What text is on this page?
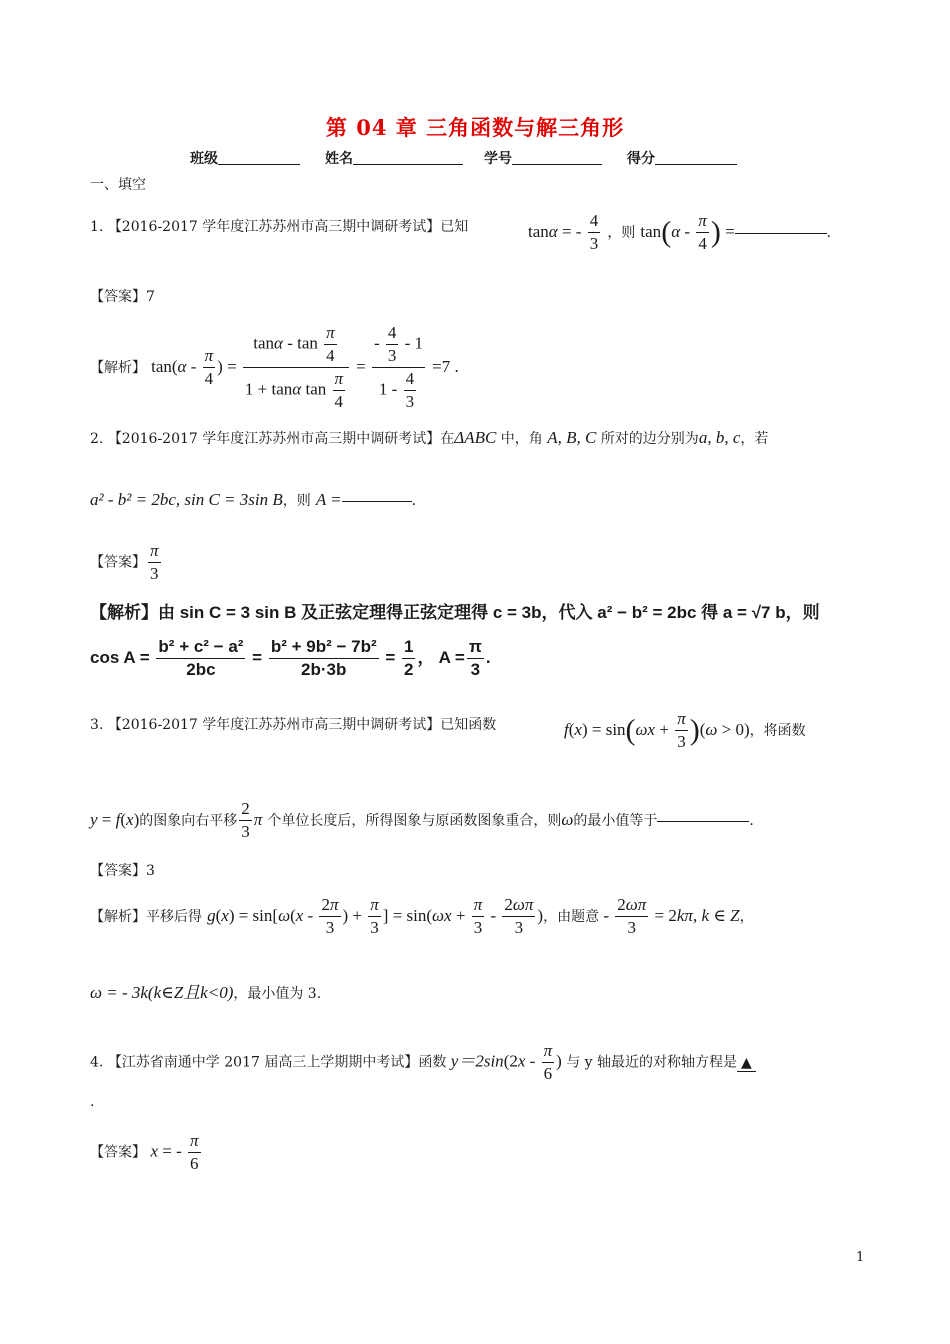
第 04 章 三角函数与解三角形
班级	姓名	学号	得分
一、填空
1. 【2016-2017 学年度江苏苏州市高三期中调研考试】已知	tanα = - $\frac{4}{3}$ ，则 $\tan(\alpha - \frac{\pi}{4}$ ) =	.
【答案】7
【解析】 $\tan(\alpha - \frac{\pi}{4}$ ) = $\frac{\tan\alpha - \tan \frac{\pi}{4}}{1 + \tan\alpha \tan \frac{\pi}{4}} = \frac{- \frac{4}{3} - 1}{1 - \frac{4}{3}} =7$ .
2. 【2016-2017 学年度江苏苏州市高三期中调研考试】在ΔABC 中，角 A, B, C 所对的边分别为a, b, c，若
a² - b² = 2bc, sin C = 3sin B，则 A =	.
【答案】 $\frac{\pi}{3}$
【解析】由 sin C = 3 sin B 及正弦定理得正弦定理得 c = 3b，代入 a² − b² = 2bc 得 a = √7 b，则
$\cos A = \frac{\text{b² + c² − a²}}{2bc} = \frac{\text{b² + 9b² − 7b²}}{2b\cdot 3b} = \frac{1}{2}$ ， $A = \frac{\pi}{3}$ .
3. 【2016-2017 学年度江苏苏州市高三期中调研考试】已知函数	$f(x) = \sin(\omega x + \frac{\pi}{3} )(\omega > 0)$，将函数
y = f(x)的图象向右平移 $\frac{2}{3}$ π 个单位长度后，所得图象与原函数图象重合，则ω的最小值等于	.
【答案】3
【解析】平移后得 $g(x) = \sin[\omega(x - \frac{2\pi}{3}$ ) + $\frac{\pi}{3}$ ] = $\sin(\omega x + \frac{\pi}{3} - \frac{2\omega\pi}{3}$ )，由题意 - $\frac{2\omega\pi}{3} = 2k\pi$, k ∈ Z，
ω = - 3k(k∈Z且k<0)，最小值为 3.
4. 【江苏省南通中学 2017 届高三上学期期中考试】函数 $y=2\sin(2x - \frac{\pi}{6}$ ) 与 y 轴最近的对称轴方程是 ▲
.
【答案】 x = - $\frac{\pi}{6}$
1
